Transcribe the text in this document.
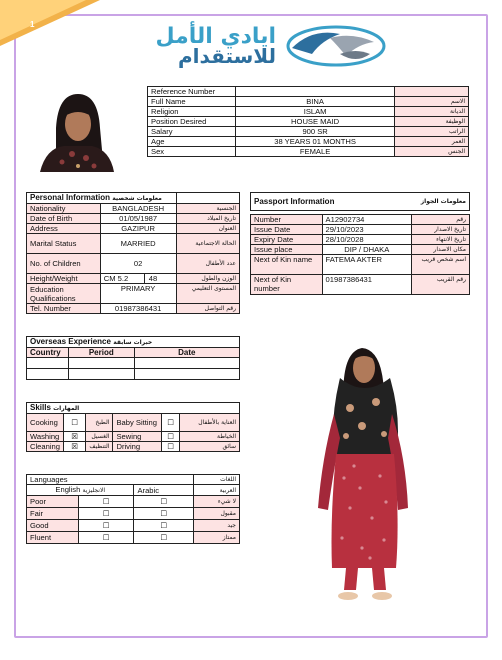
1	ايادي الأمل
للاستقدام
Reference Number		
Full Name	BINA	الاسم
Religion	ISLAM	الديانة
Position Desired	HOUSE MAID	الوظيفة
Salary	900 SR	الراتب
Age	38 YEARS 01 MONTHS	العمر
Sex	FEMALE	الجنس
Personal Information معلومات شخصية		
Nationality	BANGLADESH	الجنسية
Date of Birth	01/05/1987	تاريخ الميلاد
Address	GAZIPUR	العنوان
Marital Status	MARRIED	الحالة الاجتماعية
No. of Children	02	عدد الأطفال
Height/Weight	CM 5.2 48	الوزن والطول
Education Qualifications	PRIMARY	المستوى التعليمي
Tel. Number	01987386431	رقم التواصل
Passport Information		معلومات الجواز

Number	A12902734	رقم
Issue Date	29/10/2023	تاريخ الاصدار
Expiry Date	28/10/2028	تاريخ الانتهاء
Issue place	DIP / DHAKA	مكان الاصدار
Next of Kin name	FATEMA AKTER	اسم شخص قريب
Next of Kin number	01987386431	رقم القريب
Overseas Experience خبرات سابقة		
Country	Period	Date

Skills المهارات					
Cooking	☐	الطبخ	Baby Sitting	☐	العناية بالأطفال
Washing	☒	الغسيل	Sewing	☐	الخياطة
Cleaning	☒	التنظيف	Driving	☐	سائق
Languages			اللغات
English الانجليزية		Arabic	العربية
Poor	☐	☐	لا شيء
Fair	☐	☐	مقبول
Good	☐	☐	جيد
Fluent	☐	☐	ممتاز
